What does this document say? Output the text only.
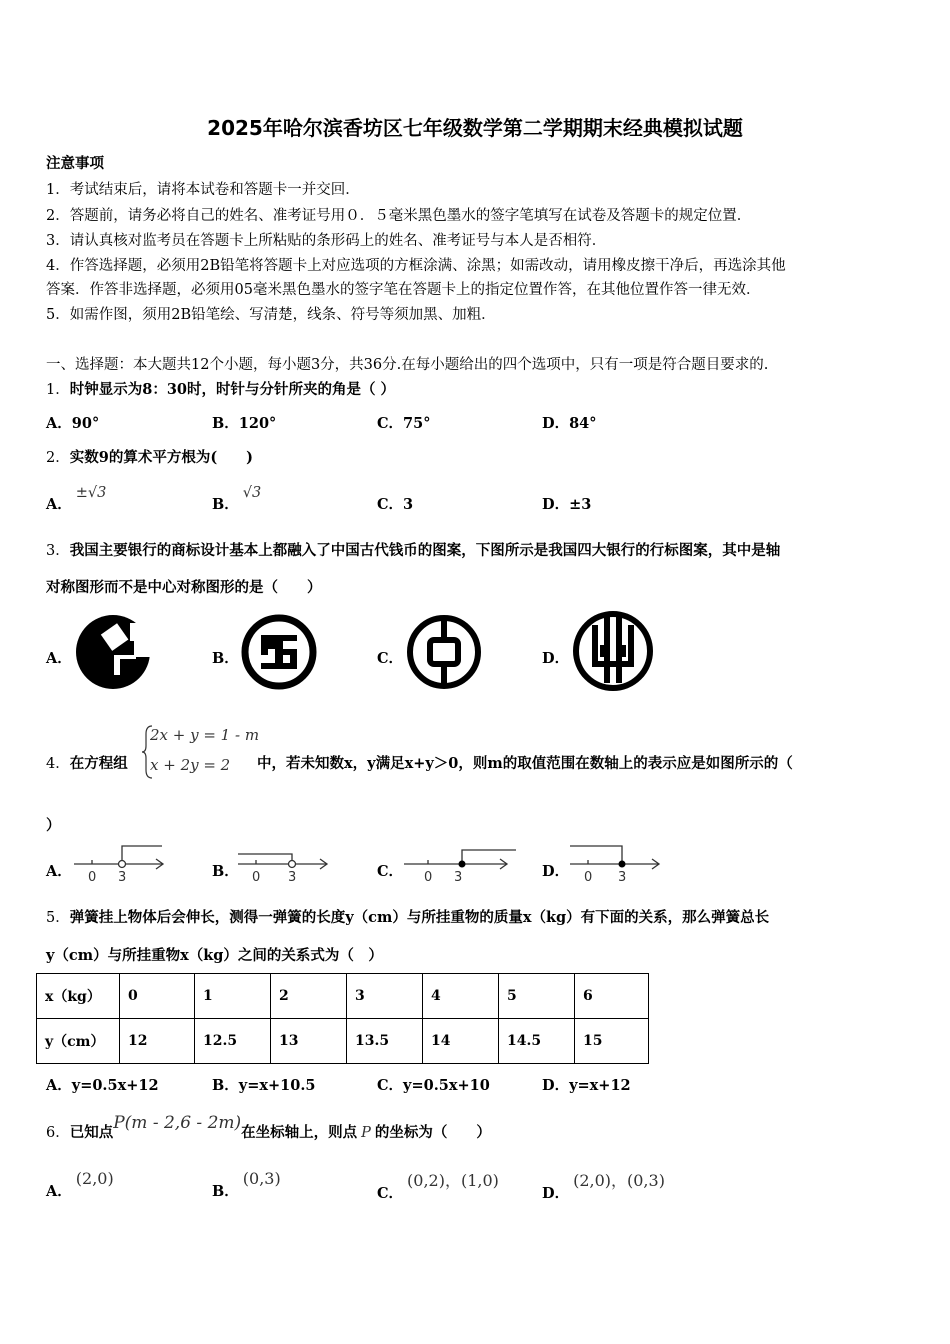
2025年哈尔滨香坊区七年级数学第二学期期末经典模拟试题
注意事项
1．考试结束后，请将本试卷和答题卡一并交回．
2．答题前，请务必将自己的姓名、准考证号用０．５毫米黑色墨水的签字笔填写在试卷及答题卡的规定位置．
3．请认真核对监考员在答题卡上所粘贴的条形码上的姓名、准考证号与本人是否相符．
4．作答选择题，必须用2B铅笔将答题卡上对应选项的方框涂满、涂黑；如需改动，请用橡皮擦干净后，再选涂其他
答案．作答非选择题，必须用05毫米黑色墨水的签字笔在答题卡上的指定位置作答，在其他位置作答一律无效．
5．如需作图，须用2B铅笔绘、写清楚，线条、符号等须加黑、加粗．
一、选择题：本大题共12个小题，每小题3分，共36分.在每小题给出的四个选项中，只有一项是符合题目要求的.
1．时钟显示为8：30时，时针与分针所夹的角是（ ）
A．90°	B．120°	C．75°	D．84°
2．实数9的算术平方根为(　　)
A．±√3
B．√3
C．3	D．±3
3．我国主要银行的商标设计基本上都融入了中国古代钱币的图案，下图所示是我国四大银行的行标图案，其中是轴
对称图形而不是中心对称图形的是（　　）
A．	B．	C．	D．
4．在方程组
2x + y = 1 - m
x + 2y = 2 中，若未知数x，y满足x+y＞0，则m的取值范围在数轴上的表示应是如图所示的（
）
A． 0 3	B． 0 3	C． 0 3	D． 0 3
5．弹簧挂上物体后会伸长，测得一弹簧的长度y（cm）与所挂重物的质量x（kg）有下面的关系，那么弹簧总长
y（cm）与所挂重物x（kg）之间的关系式为（　）
x（kg）	0	1	2	3	4	5	6
y（cm）	12	12.5	13	13.5	14	14.5	15
A．y=0.5x+12	B．y=x+10.5	C．y=0.5x+10	D．y=x+12
6．已知点P(m - 2,6 - 2m)在坐标轴上，则点 P 的坐标为（　　）
A．(2,0)
B．(0,3)
C．(0,2)，(1,0)
D．(2,0)，(0,3)
